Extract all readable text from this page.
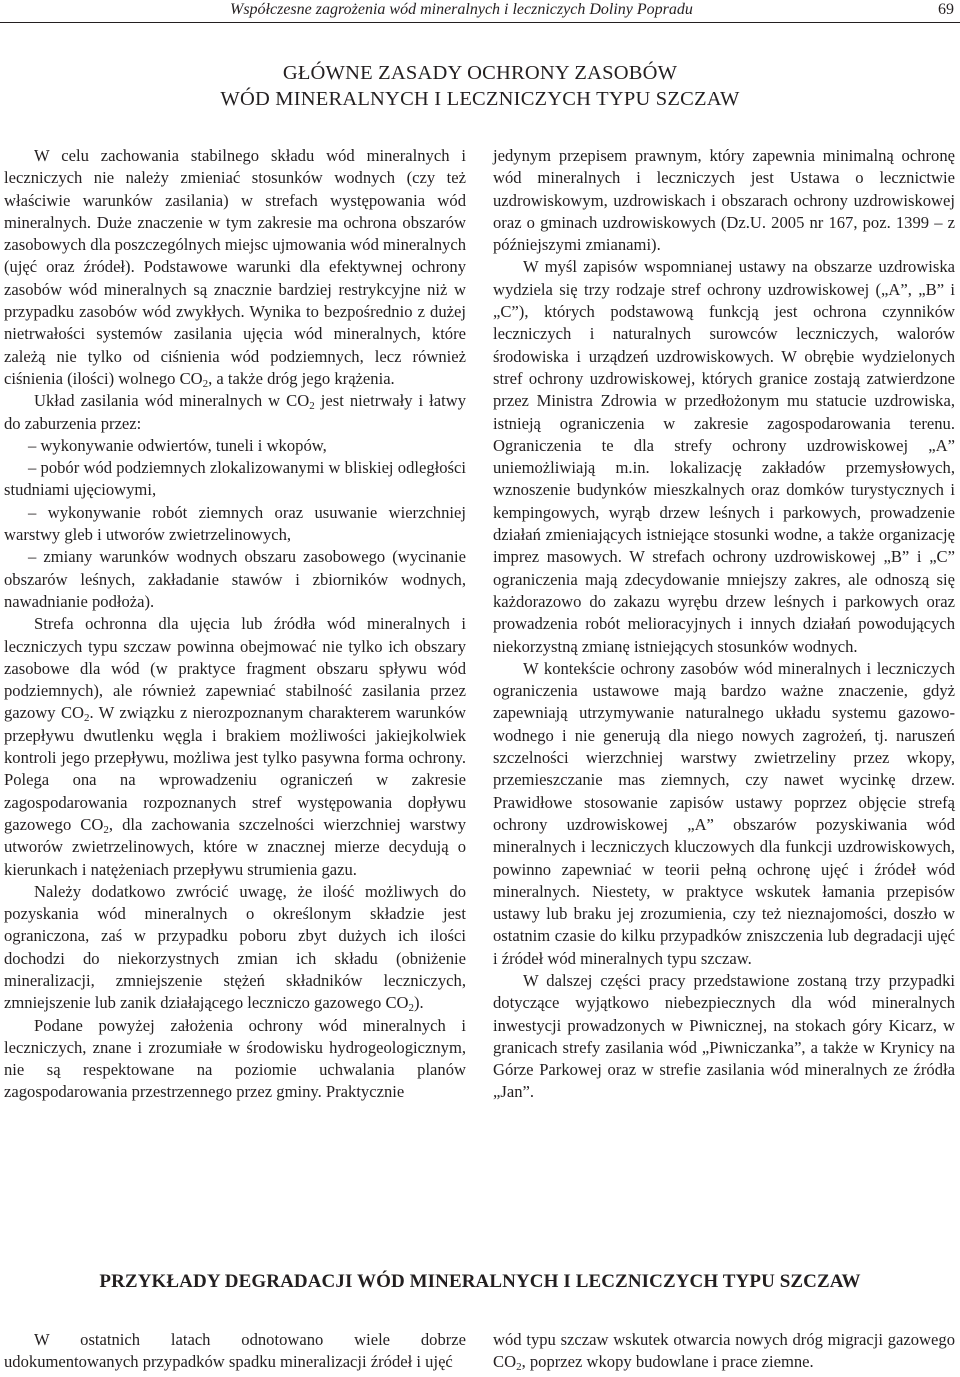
Współczesne zagrożenia wód mineralnych i leczniczych Doliny Popradu	69
GŁÓWNE ZASADY OCHRONY ZASOBÓW
WÓD MINERALNYCH I LECZNICZYCH TYPU SZCZAW

W celu zachowania stabilnego składu wód mineralnych i leczniczych nie należy zmieniać stosunków wodnych (czy też właściwie warunków zasilania) w strefach występowania wód mineralnych. Duże znaczenie w tym zakresie ma ochrona obszarów zasobowych dla poszczególnych miejsc ujmowania wód mineralnych (ujęć oraz źródeł). Podstawowe warunki dla efektywnej ochrony zasobów wód mineralnych są znacznie bardziej restrykcyjne niż w przypadku zasobów wód zwykłych. Wynika to bezpośrednio z dużej nietrwałości systemów zasilania ujęcia wód mineralnych, które zależą nie tylko od ciśnienia wód podziemnych, lecz również ciśnienia (ilości) wolnego $CO_2$, a także dróg jego krążenia.

Układ zasilania wód mineralnych w $CO_2$ jest nietrwały i łatwy do zaburzenia przez:

– wykonywanie odwiertów, tuneli i wkopów,

– pobór wód podziemnych zlokalizowanymi w bliskiej odległości studniami ujęciowymi,

– wykonywanie robót ziemnych oraz usuwanie wierzchniej warstwy gleb i utworów zwietrzelinowych,

– zmiany warunków wodnych obszaru zasobowego (wycinanie obszarów leśnych, zakładanie stawów i zbiorników wodnych, nawadnianie podłoża).

Strefa ochronna dla ujęcia lub źródła wód mineralnych i leczniczych typu szczaw powinna obejmować nie tylko ich obszary zasobowe dla wód (w praktyce fragment obszaru spływu wód podziemnych), ale również zapewniać stabilność zasilania przez gazowy $CO_2$. W związku z nierozpoznanym charakterem warunków przepływu dwutlenku węgla i brakiem możliwości jakiejkolwiek kontroli jego przepływu, możliwa jest tylko pasywna forma ochrony. Polega ona na wprowadzeniu ograniczeń w zakresie zagospodarowania rozpoznanych stref występowania dopływu gazowego $CO_2$, dla zachowania szczelności wierzchniej warstwy utworów zwietrzelinowych, które w znacznej mierze decydują o kierunkach i natężeniach przepływu strumienia gazu.

Należy dodatkowo zwrócić uwagę, że ilość możliwych do pozyskania wód mineralnych o określonym składzie jest ograniczona, zaś w przypadku poboru zbyt dużych ich ilości dochodzi do niekorzystnych zmian ich składu (obniżenie mineralizacji, zmniejszenie stężeń składników leczniczych, zmniejszenie lub zanik działającego leczniczo gazowego $CO_2$).

Podane powyżej założenia ochrony wód mineralnych i leczniczych, znane i zrozumiałe w środowisku hydrogeologicznym, nie są respektowane na poziomie uchwalania planów zagospodarowania przestrzennego przez gminy. Praktycznie

jedynym przepisem prawnym, który zapewnia minimalną ochronę wód mineralnych i leczniczych jest Ustawa o lecznictwie uzdrowiskowym, uzdrowiskach i obszarach ochrony uzdrowiskowej oraz o gminach uzdrowiskowych (Dz.U. 2005 nr 167, poz. 1399 – z późniejszymi zmianami).

W myśl zapisów wspomnianej ustawy na obszarze uzdrowiska wydziela się trzy rodzaje stref ochrony uzdrowiskowej („A”, „B” i „C”), których podstawową funkcją jest ochrona czynników leczniczych i naturalnych surowców leczniczych, walorów środowiska i urządzeń uzdrowiskowych. W obrębie wydzielonych stref ochrony uzdrowiskowej, których granice zostają zatwierdzone przez Ministra Zdrowia w przedłożonym mu statucie uzdrowiska, istnieją ograniczenia w zakresie zagospodarowania terenu. Ograniczenia te dla strefy ochrony uzdrowiskowej „A” uniemożliwiają m.in. lokalizację zakładów przemysłowych, wznoszenie budynków mieszkalnych oraz domków turystycznych i kempingowych, wyrąb drzew leśnych i parkowych, prowadzenie działań zmieniających istniejące stosunki wodne, a także organizację imprez masowych. W strefach ochrony uzdrowiskowej „B” i „C” ograniczenia mają zdecydowanie mniejszy zakres, ale odnoszą się każdorazowo do zakazu wyrębu drzew leśnych i parkowych oraz prowadzenia robót melioracyjnych i innych działań powodujących niekorzystną zmianę istniejących stosunków wodnych.

W kontekście ochrony zasobów wód mineralnych i leczniczych ograniczenia ustawowe mają bardzo ważne znaczenie, gdyż zapewniają utrzymywanie naturalnego układu systemu gazowo-wodnego i nie generują dla niego nowych zagrożeń, tj. naruszeń szczelności wierzchniej warstwy zwietrzeliny przez wkopy, przemieszczanie mas ziemnych, czy nawet wycinkę drzew. Prawidłowe stosowanie zapisów ustawy poprzez objęcie strefą ochrony uzdrowiskowej „A” obszarów pozyskiwania wód mineralnych i leczniczych kluczowych dla funkcji uzdrowiskowych, powinno zapewniać w teorii pełną ochronę ujęć i źródeł wód mineralnych. Niestety, w praktyce wskutek łamania przepisów ustawy lub braku jej zrozumienia, czy też nieznajomości, doszło w ostatnim czasie do kilku przypadków zniszczenia lub degradacji ujęć i źródeł wód mineralnych typu szczaw.

W dalszej części pracy przedstawione zostaną trzy przypadki dotyczące wyjątkowo niebezpiecznych dla wód mineralnych inwestycji prowadzonych w Piwnicznej, na stokach góry Kicarz, w granicach strefy zasilania wód „Piwniczanka”, a także w Krynicy na Górze Parkowej oraz w strefie zasilania wód mineralnych ze źródła „Jan”.

PRZYKŁADY DEGRADACJI WÓD MINERALNYCH I LECZNICZYCH TYPU SZCZAW

W ostatnich latach odnotowano wiele dobrze udokumentowanych przypadków spadku mineralizacji źródeł i ujęć

wód typu szczaw wskutek otwarcia nowych dróg migracji gazowego $CO_2$, poprzez wkopy budowlane i prace ziemne.
